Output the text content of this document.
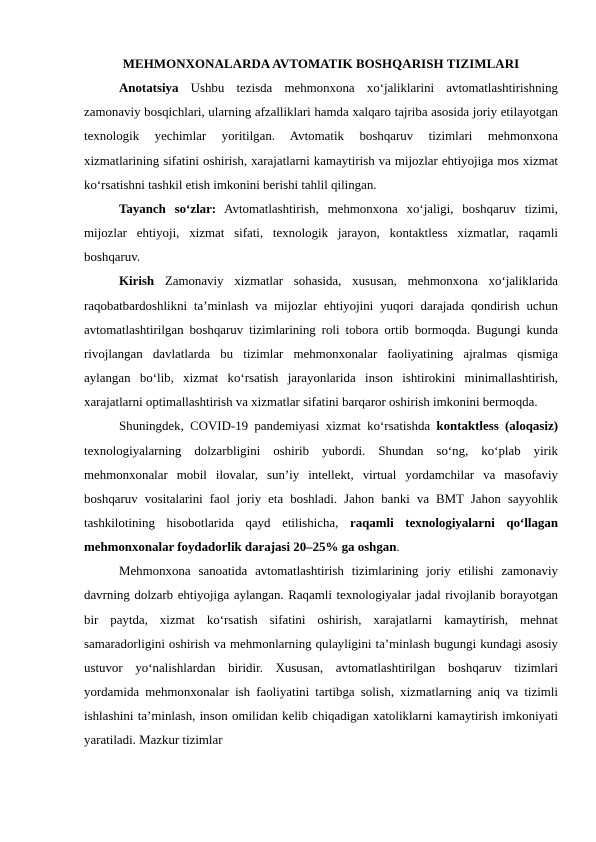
MEHMONXONALARDA AVTOMATIK BOSHQARISH TIZIMLARI

Anotatsiya Ushbu tezisda mehmonxona xo‘jaliklarini avtomatlashtirishning zamonaviy bosqichlari, ularning afzalliklari hamda xalqaro tajriba asosida joriy etilayotgan texnologik yechimlar yoritilgan. Avtomatik boshqaruv tizimlari mehmonxona xizmatlarining sifatini oshirish, xarajatlarni kamaytirish va mijozlar ehtiyojiga mos xizmat ko‘rsatishni tashkil etish imkonini berishi tahlil qilingan.

Tayanch so‘zlar: Avtomatlashtirish, mehmonxona xo‘jaligi, boshqaruv tizimi, mijozlar ehtiyoji, xizmat sifati, texnologik jarayon, kontaktless xizmatlar, raqamli boshqaruv.

Kirish Zamonaviy xizmatlar sohasida, xususan, mehmonxona xo‘jaliklarida raqobatbardoshlikni ta’minlash va mijozlar ehtiyojini yuqori darajada qondirish uchun avtomatlashtirilgan boshqaruv tizimlarining roli tobora ortib bormoqda. Bugungi kunda rivojlangan davlatlarda bu tizimlar mehmonxonalar faoliyatining ajralmas qismiga aylangan bo‘lib, xizmat ko‘rsatish jarayonlarida inson ishtirokini minimallashtirish, xarajatlarni optimallashtirish va xizmatlar sifatini barqaror oshirish imkonini bermoqda.

Shuningdek, COVID-19 pandemiyasi xizmat ko‘rsatishda kontaktless (aloqasiz) texnologiyalarning dolzarbligini oshirib yubordi. Shundan so‘ng, ko‘plab yirik mehmonxonalar mobil ilovalar, sun’iy intellekt, virtual yordamchilar va masofaviy boshqaruv vositalarini faol joriy eta boshladi. Jahon banki va BMT Jahon sayyohlik tashkilotining hisobotlarida qayd etilishicha, raqamli texnologiyalarni qo‘llagan mehmonxonalar foydadorlik darajasi 20–25% ga oshgan.

Mehmonxona sanoatida avtomatlashtirish tizimlarining joriy etilishi zamonaviy davrning dolzarb ehtiyojiga aylangan. Raqamli texnologiyalar jadal rivojlanib borayotgan bir paytda, xizmat ko‘rsatish sifatini oshirish, xarajatlarni kamaytirish, mehnat samaradorligini oshirish va mehmonlarning qulayligini ta’minlash bugungi kundagi asosiy ustuvor yo‘nalishlardan biridir. Xususan, avtomatlashtirilgan boshqaruv tizimlari yordamida mehmonxonalar ish faoliyatini tartibga solish, xizmatlarning aniq va tizimli ishlashini ta’minlash, inson omilidan kelib chiqadigan xatoliklarni kamaytirish imkoniyati yaratiladi. Mazkur tizimlar
